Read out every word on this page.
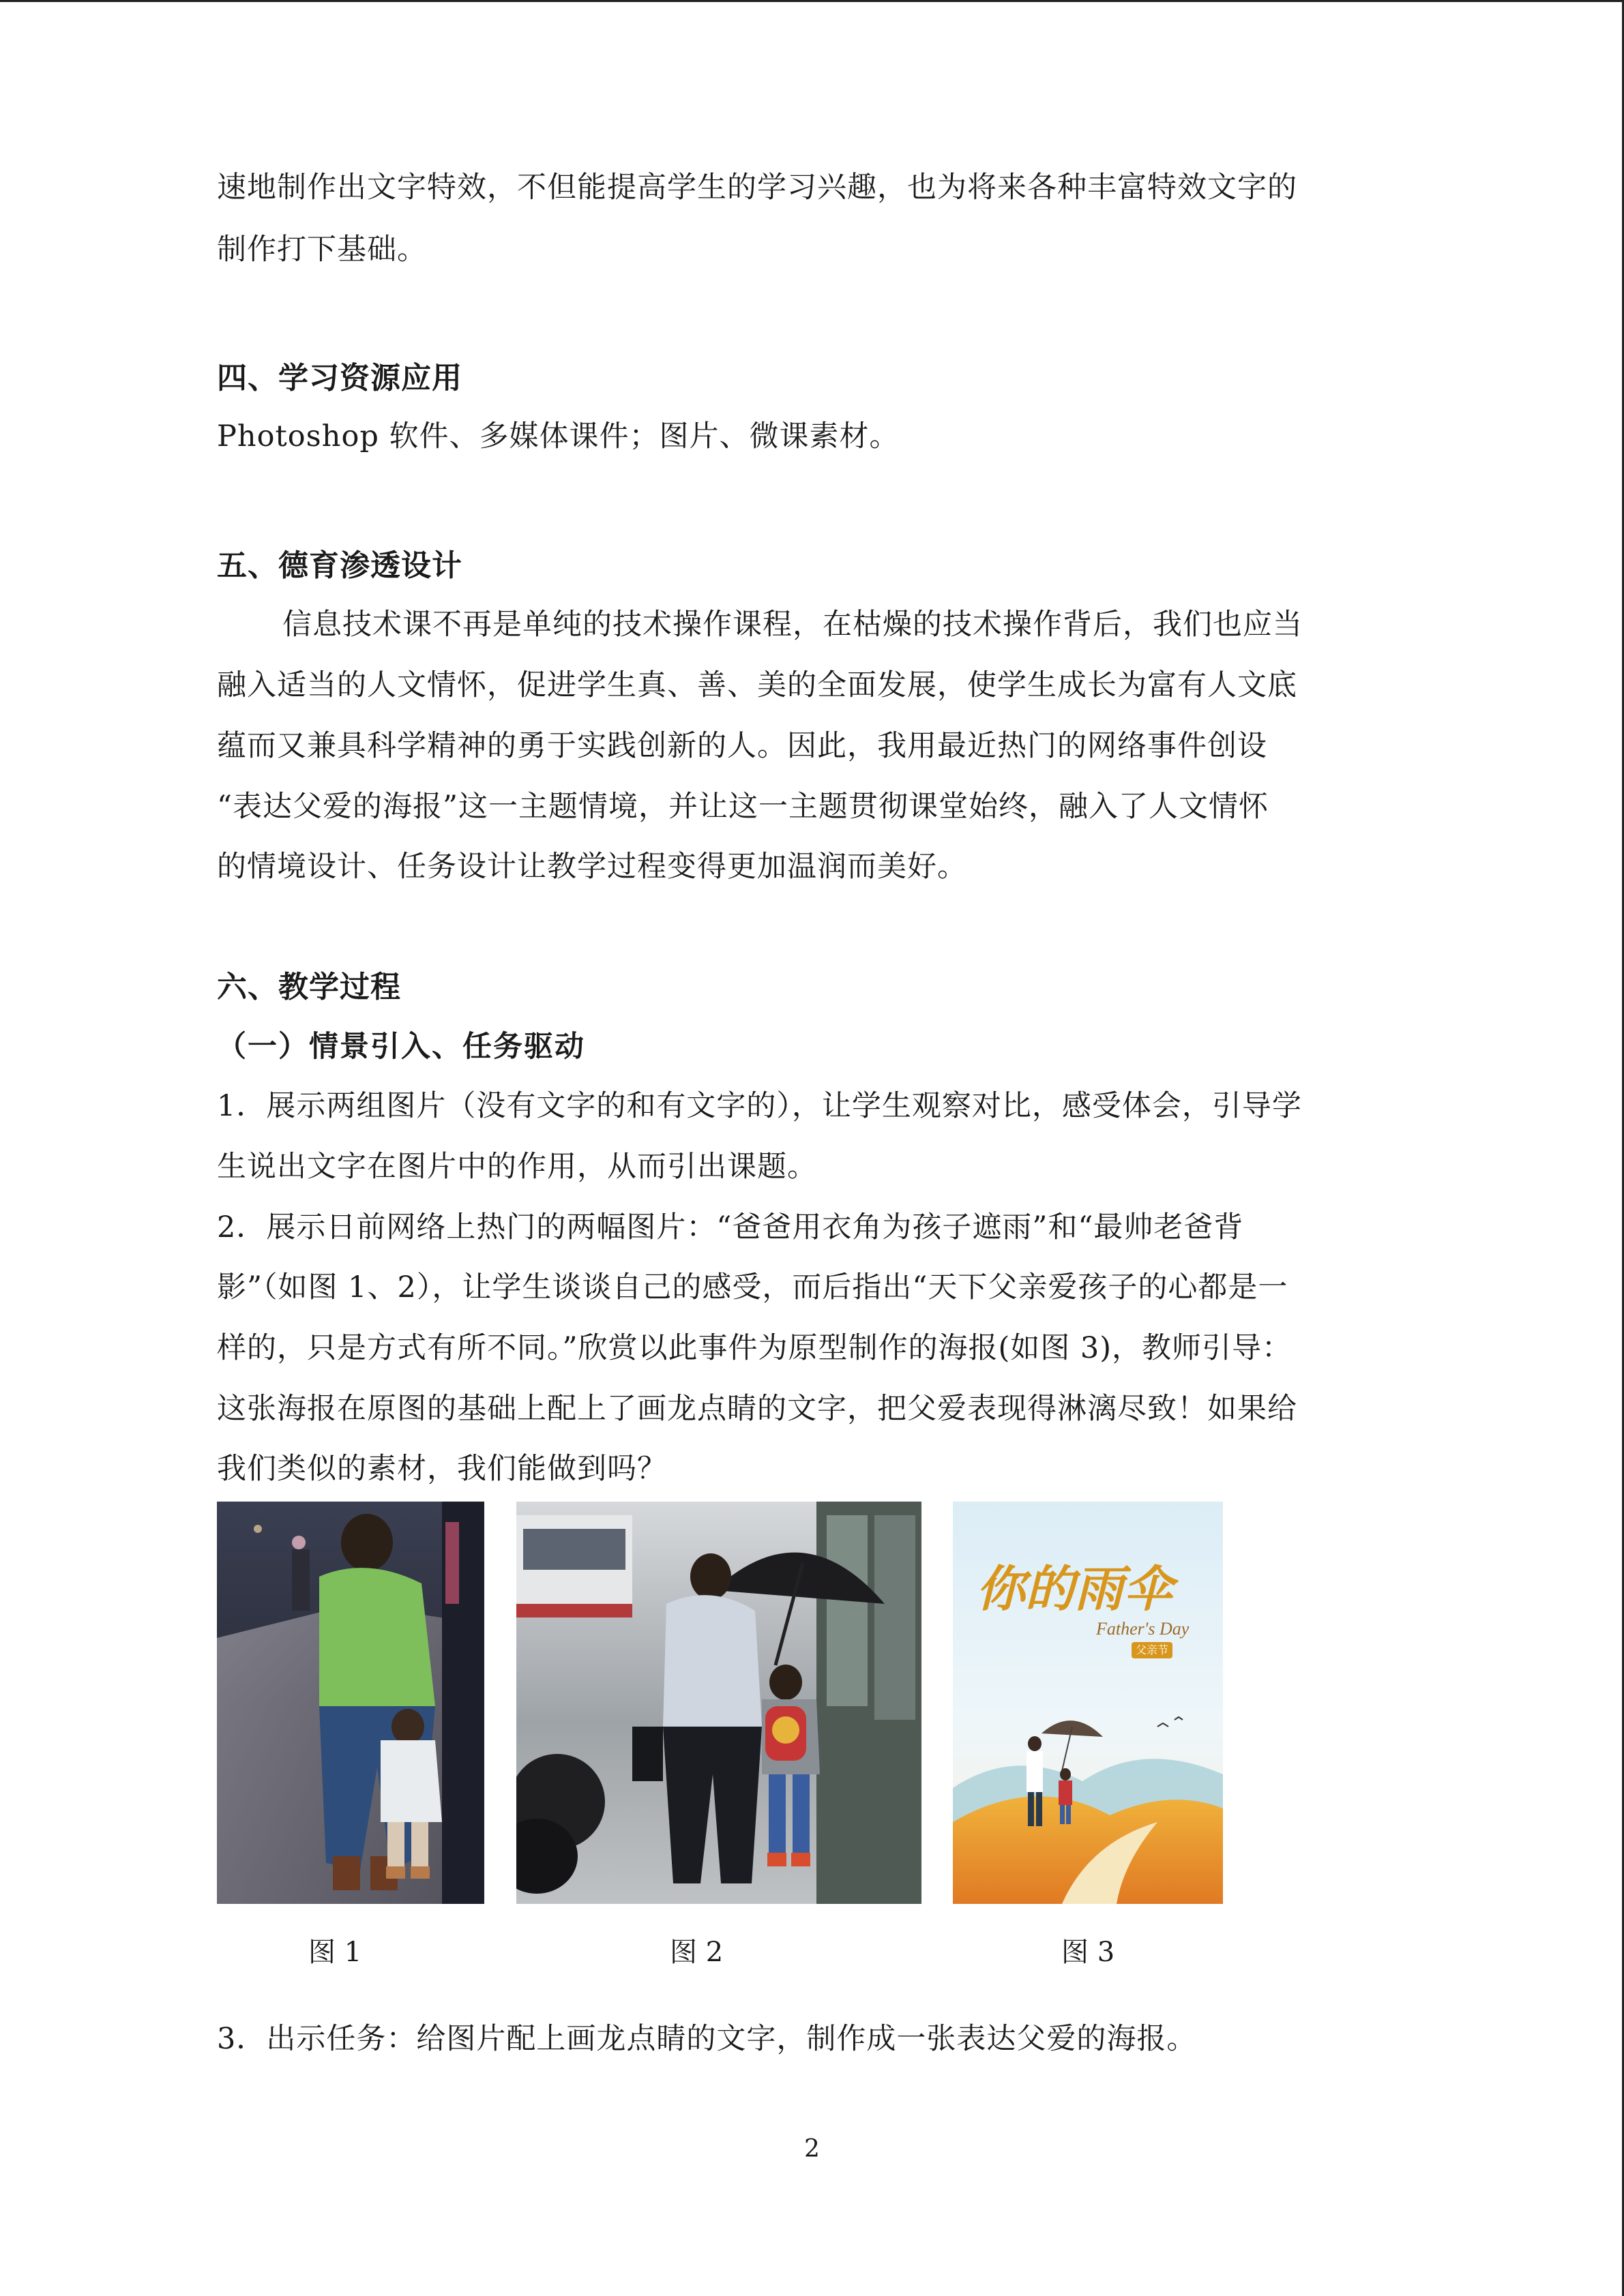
速地制作出文字特效，不但能提高学生的学习兴趣，也为将来各种丰富特效文字的
制作打下基础。
四、学习资源应用
Photoshop 软件、多媒体课件；图片、微课素材。
五、德育渗透设计
信息技术课不再是单纯的技术操作课程，在枯燥的技术操作背后，我们也应当
融入适当的人文情怀，促进学生真、善、美的全面发展，使学生成长为富有人文底
蕴而又兼具科学精神的勇于实践创新的人。因此，我用最近热门的网络事件创设
“表达父爱的海报”这一主题情境，并让这一主题贯彻课堂始终，融入了人文情怀
的情境设计、任务设计让教学过程变得更加温润而美好。
六、教学过程
（一）情景引入、任务驱动
1．展示两组图片（没有文字的和有文字的），让学生观察对比，感受体会，引导学
生说出文字在图片中的作用，从而引出课题。
2．展示日前网络上热门的两幅图片：“爸爸用衣角为孩子遮雨”和“最帅老爸背
影”（如图 1、2），让学生谈谈自己的感受，而后指出“天下父亲爱孩子的心都是一
样的，只是方式有所不同。”欣赏以此事件为原型制作的海报(如图 3)，教师引导：
这张海报在原图的基础上配上了画龙点睛的文字，把父爱表现得淋漓尽致！如果给
我们类似的素材，我们能做到吗？
3．出示任务：给图片配上画龙点睛的文字，制作成一张表达父爱的海报。
你的雨伞
Father's Day
父亲节
图 1	图 2	图 3
2
